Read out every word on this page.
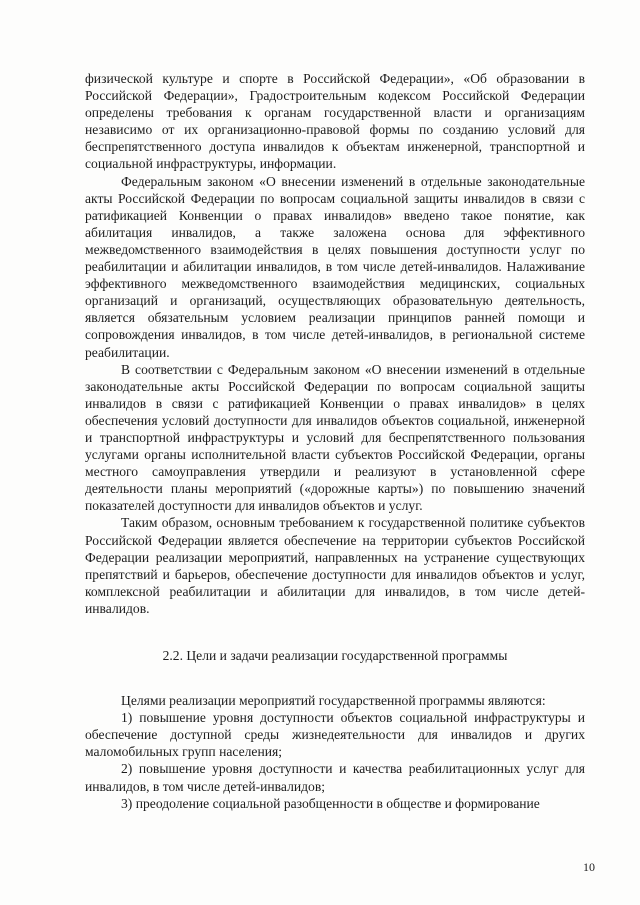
физической культуре и спорте в Российской Федерации», «Об образовании в Российской Федерации», Градостроительным кодексом Российской Федерации определены требования к органам государственной власти и организациям независимо от их организационно-правовой формы по созданию условий для беспрепятственного доступа инвалидов к объектам инженерной, транспортной и социальной инфраструктуры, информации.

Федеральным законом «О внесении изменений в отдельные законодательные акты Российской Федерации по вопросам социальной защиты инвалидов в связи с ратификацией Конвенции о правах инвалидов» введено такое понятие, как абилитация инвалидов, а также заложена основа для эффективного межведомственного взаимодействия в целях повышения доступности услуг по реабилитации и абилитации инвалидов, в том числе детей-инвалидов. Налаживание эффективного межведомственного взаимодействия медицинских, социальных организаций и организаций, осуществляющих образовательную деятельность, является обязательным условием реализации принципов ранней помощи и сопровождения инвалидов, в том числе детей-инвалидов, в региональной системе реабилитации.

В соответствии с Федеральным законом «О внесении изменений в отдельные законодательные акты Российской Федерации по вопросам социальной защиты инвалидов в связи с ратификацией Конвенции о правах инвалидов» в целях обеспечения условий доступности для инвалидов объектов социальной, инженерной и транспортной инфраструктуры и условий для беспрепятственного пользования услугами органы исполнительной власти субъектов Российской Федерации, органы местного самоуправления утвердили и реализуют в установленной сфере деятельности планы мероприятий («дорожные карты») по повышению значений показателей доступности для инвалидов объектов и услуг.

Таким образом, основным требованием к государственной политике субъектов Российской Федерации является обеспечение на территории субъектов Российской Федерации реализации мероприятий, направленных на устранение существующих препятствий и барьеров, обеспечение доступности для инвалидов объектов и услуг, комплексной реабилитации и абилитации для инвалидов, в том числе детей-инвалидов.

2.2. Цели и задачи реализации государственной программы

Целями реализации мероприятий государственной программы являются:

1) повышение уровня доступности объектов социальной инфраструктуры и обеспечение доступной среды жизнедеятельности для инвалидов и других маломобильных групп населения;

2) повышение уровня доступности и качества реабилитационных услуг для инвалидов, в том числе детей-инвалидов;

3) преодоление социальной разобщенности в обществе и формирование

10
